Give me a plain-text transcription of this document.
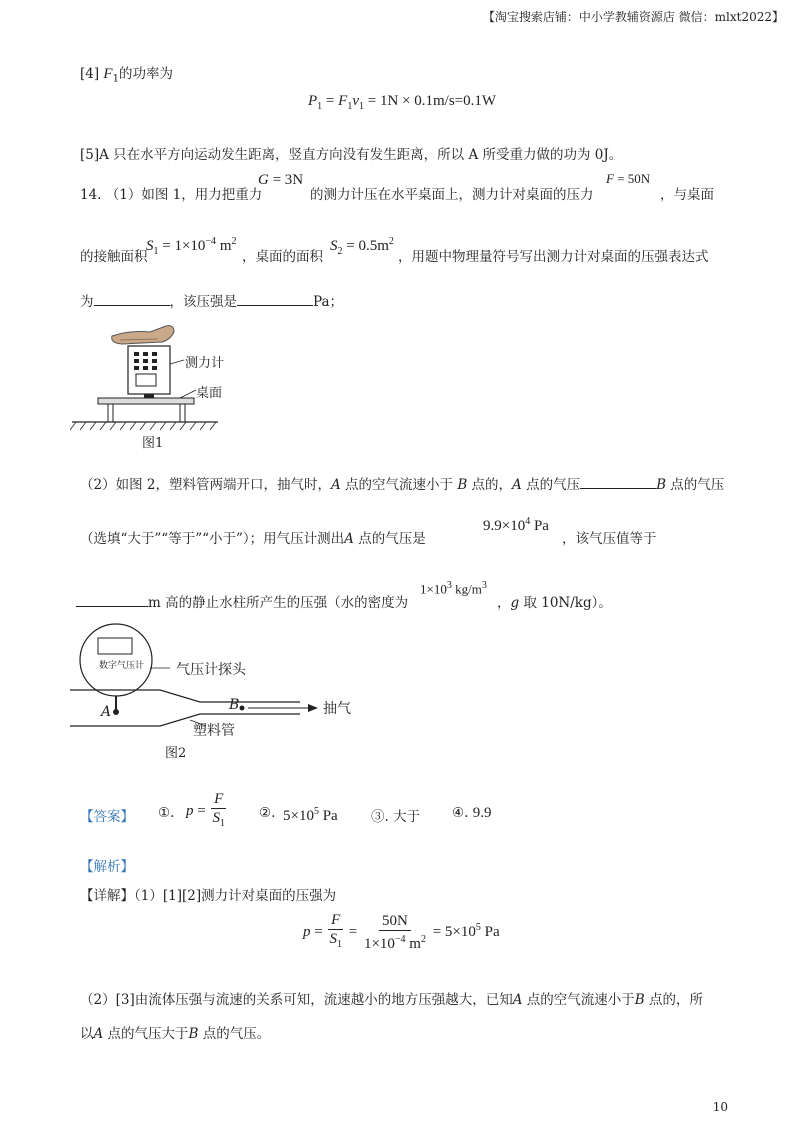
【淘宝搜索店铺：中小学教辅资源店 微信：mlxt2022】
[4] $F_1$的功率为
$P_1 = F_1v_1 = 1N \times 0.1m/s=0.1W$
[5]A 只在水平方向运动发生距离，竖直方向没有发生距离，所以 A 所受重力做的功为 0J。
14. （1）如图 1，用力把重力
G = 3N
的测力计压在水平桌面上，测力计对桌面的压力
F = 50N
，与桌面
的接触面积
$S_1 = 1\times 10^{-4}$ $m^2$
，桌面的面积
$S_2 = 0.5m^2$
，用题中物理量符号写出测力计对桌面的压强表达式
为	，该压强是	Pa；
测力计
桌面
图1
（2）如图 2，塑料管两端开口，抽气时，A 点的空气流速小于 B 点的，A 点的气压	B 点的气压
（选填“大于”“等于”“小于”）；用气压计测出A 点的气压是
$9.9\times 10^4$ Pa
，该气压值等于
m 高的静止水柱所产生的压强（水的密度为
$1\times 10^3$ $kg/m^3$
，g 取 10N/kg）。
数字气压计 气压计探头
A	B	抽气
塑料管
图2
【答案】 ①. $p = \frac{F}{S_1}$ ②. $5\times 10^5$ Pa ③. 大于 ④. 9.9
【解析】
【详解】（1）[1][2]测力计对桌面的压强为
$p = \frac{F}{S_1} = \frac{50N}{1\times 10^{-4} m^2} = 5\times 10^5$ Pa
（2）[3]由流体压强与流速的关系可知，流速越小的地方压强越大，已知A 点的空气流速小于B 点的，所
以A 点的气压大于B 点的气压。
10
